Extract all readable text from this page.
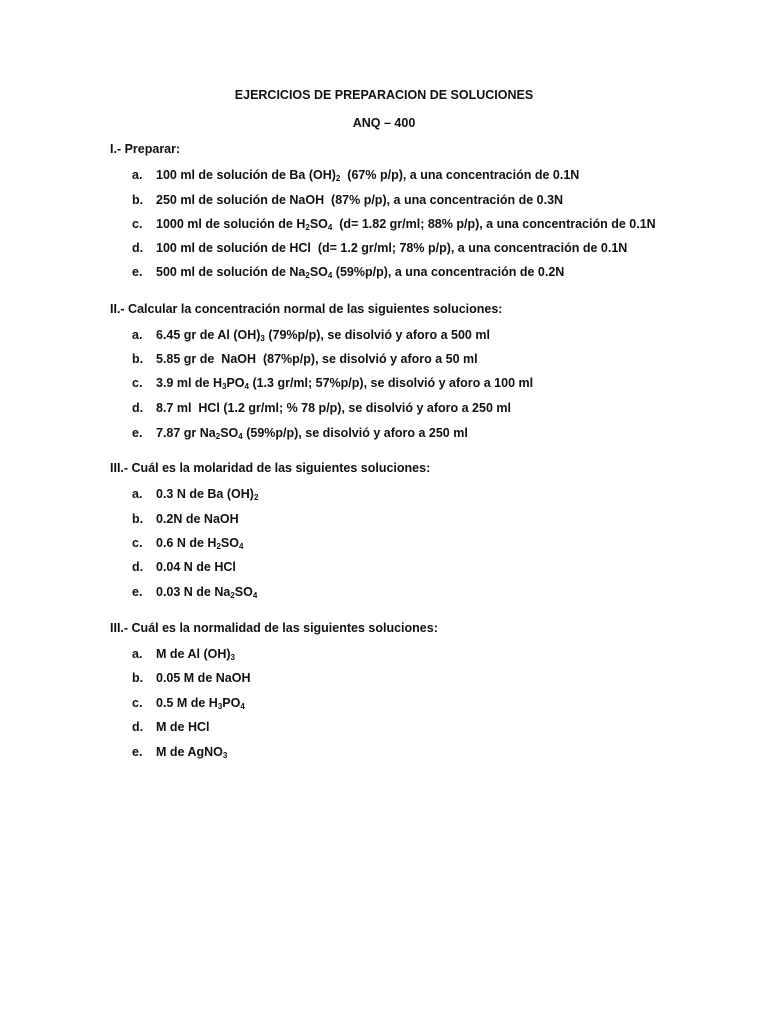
EJERCICIOS DE PREPARACION DE SOLUCIONES
ANQ – 400
I.- Preparar:
a. 100 ml de solución de Ba $(OH)_2$  (67% p/p), a una concentración de 0.1N
b. 250 ml de solución de NaOH  (87% p/p), a una concentración de 0.3N
c. 1000 ml de solución de $H_2SO_4$  (d= 1.82 gr/ml; 88% p/p), a una concentración de 0.1N
d. 100 ml de solución de HCl  (d= 1.2 gr/ml; 78% p/p), a una concentración de 0.1N
e. 500 ml de solución de $Na_2SO_4$ (59%p/p), a una concentración de 0.2N
II.- Calcular la concentración normal de las siguientes soluciones:
a. 6.45 gr de Al $(OH)_3$ (79%p/p), se disolvió y aforo a 500 ml
b. 5.85 gr de  NaOH  (87%p/p), se disolvió y aforo a 50 ml
c. 3.9 ml de $H_3PO_4$ (1.3 gr/ml; 57%p/p), se disolvió y aforo a 100 ml
d. 8.7 ml  HCl (1.2 gr/ml; % 78 p/p), se disolvió y aforo a 250 ml
e. 7.87 gr $Na_2SO_4$ (59%p/p), se disolvió y aforo a 250 ml
III.- Cuál es la molaridad de las siguientes soluciones:
a. 0.3 N de Ba $(OH)_2$
b. 0.2N de NaOH
c. 0.6 N de $H_2SO_4$
d. 0.04 N de HCl
e. 0.03 N de $Na_2SO_4$
III.- Cuál es la normalidad de las siguientes soluciones:
a. M de Al $(OH)_3$
b. 0.05 M de NaOH
c. 0.5 M de $H_3PO_4$
d. M de HCl
e. M de AgNO$_3$
